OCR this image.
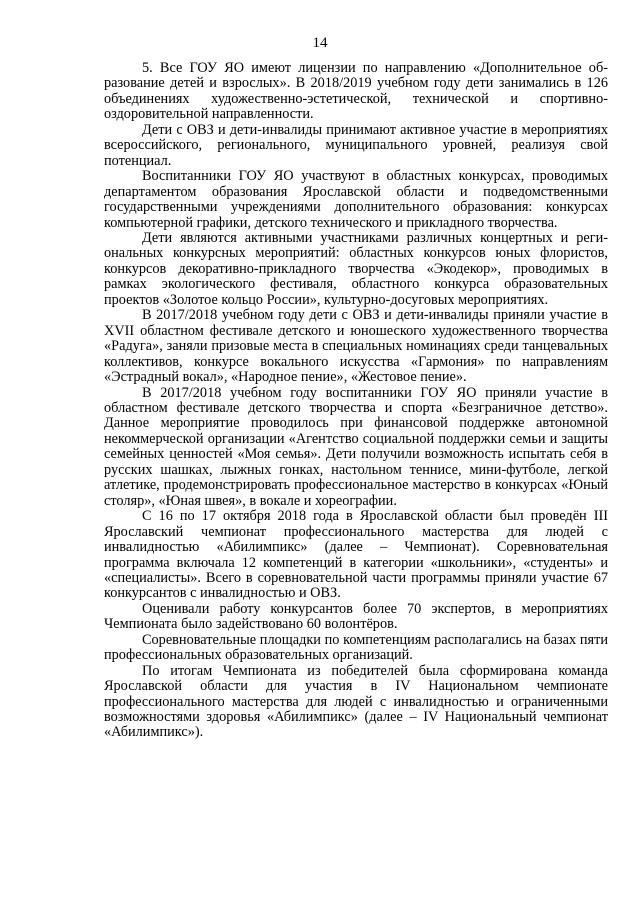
14

5. Все ГОУ ЯО имеют лицензии по направлению «Дополнительное образование детей и взрослых». В 2018/2019 учебном году дети занимались в 126 объединениях художественно-эстетической, технической и спортивно-оздоровительной направленности.

Дети с ОВЗ и дети-инвалиды принимают активное участие в мероприятиях всероссийского, регионального, муниципального уровней, реализуя свой потенциал.

Воспитанники ГОУ ЯО участвуют в областных конкурсах, проводимых департаментом образования Ярославской области и подведомственными государственными учреждениями дополнительного образования: конкурсах компьютерной графики, детского технического и прикладного творчества.

Дети являются активными участниками различных концертных и региональных конкурсных мероприятий: областных конкурсов юных флористов, конкурсов декоративно-прикладного творчества «Экодекор», проводимых в рамках экологического фестиваля, областного конкурса образовательных проектов «Золотое кольцо России», культурно-досуговых мероприятиях.

В 2017/2018 учебном году дети с ОВЗ и дети-инвалиды приняли участие в XVII областном фестивале детского и юношеского художественного творчества «Радуга», заняли призовые места в специальных номинациях среди танцевальных коллективов, конкурсе вокального искусства «Гармония» по направлениям «Эстрадный вокал», «Народное пение», «Жестовое пение».

В 2017/2018 учебном году воспитанники ГОУ ЯО приняли участие в областном фестивале детского творчества и спорта «Безграничное детство». Данное мероприятие проводилось при финансовой поддержке автономной некоммерческой организации «Агентство социальной поддержки семьи и защиты семейных ценностей «Моя семья». Дети получили возможность испытать себя в русских шашках, лыжных гонках, настольном теннисе, мини-футболе, легкой атлетике, продемонстрировать профессиональное мастерство в конкурсах «Юный столяр», «Юная швея», в вокале и хореографии.

С 16 по 17 октября 2018 года в Ярославской области был проведён III Ярославский чемпионат профессионального мастерства для людей с инвалидностью «Абилимпикс» (далее – Чемпионат). Соревновательная программа включала 12 компетенций в категории «школьники», «студенты» и «специалисты». Всего в соревновательной части программы приняли участие 67 конкурсантов с инвалидностью и ОВЗ.

Оценивали работу конкурсантов более 70 экспертов, в мероприятиях Чемпионата было задействовано 60 волонтёров.

Соревновательные площадки по компетенциям располагались на базах пяти профессиональных образовательных организаций.

По итогам Чемпионата из победителей была сформирована команда Ярославской области для участия в IV Национальном чемпионате профессионального мастерства для людей с инвалидностью и ограниченными возможностями здоровья «Абилимпикс» (далее – IV Национальный чемпионат «Абилимпикс»).
